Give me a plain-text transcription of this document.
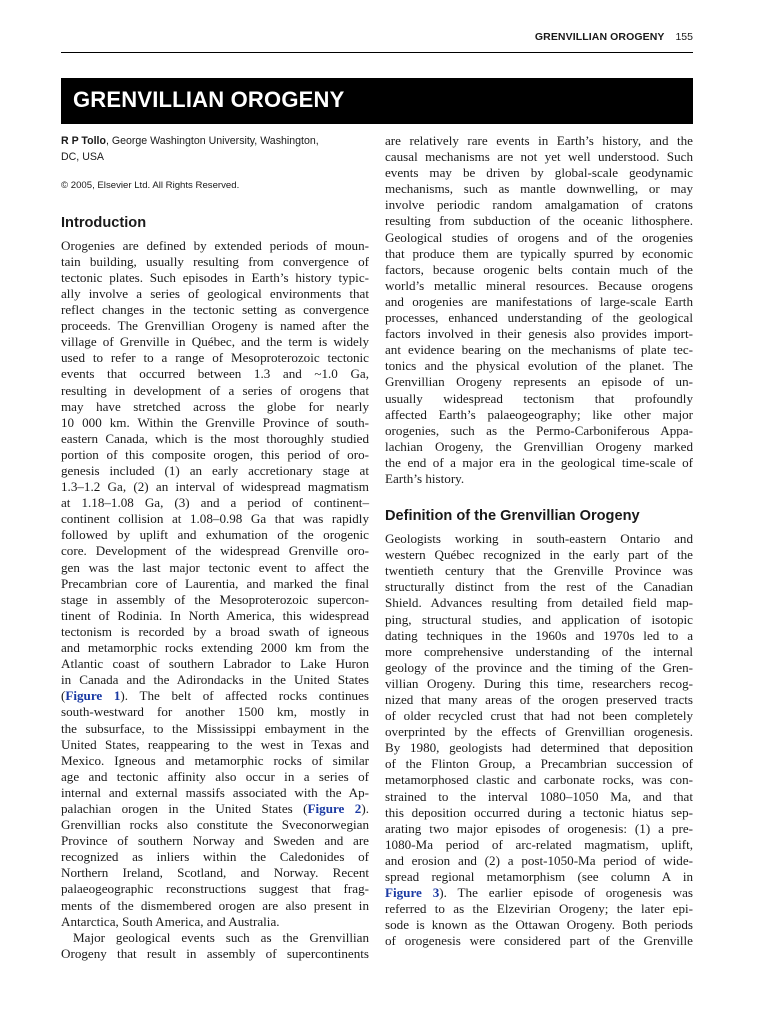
GRENVILLIAN OROGENY 155
GRENVILLIAN OROGENY
R P Tollo, George Washington University, Washington,
DC, USA
© 2005, Elsevier Ltd. All Rights Reserved.
Introduction
Orogenies are defined by extended periods of moun-
tain building, usually resulting from convergence of
tectonic plates. Such episodes in Earth’s history typic-
ally involve a series of geological environments that
reflect changes in the tectonic setting as convergence
proceeds. The Grenvillian Orogeny is named after the
village of Grenville in Québec, and the term is widely
used to refer to a range of Mesoproterozoic tectonic
events that occurred between 1.3 and ~1.0 Ga,
resulting in development of a series of orogens that
may have stretched across the globe for nearly
10 000 km. Within the Grenville Province of south-
eastern Canada, which is the most thoroughly studied
portion of this composite orogen, this period of oro-
genesis included (1) an early accretionary stage at
1.3–1.2 Ga, (2) an interval of widespread magmatism
at 1.18–1.08 Ga, (3) and a period of continent–
continent collision at 1.08–0.98 Ga that was rapidly
followed by uplift and exhumation of the orogenic
core. Development of the widespread Grenville oro-
gen was the last major tectonic event to affect the
Precambrian core of Laurentia, and marked the final
stage in assembly of the Mesoproterozoic supercon-
tinent of Rodinia. In North America, this widespread
tectonism is recorded by a broad swath of igneous
and metamorphic rocks extending 2000 km from the
Atlantic coast of southern Labrador to Lake Huron
in Canada and the Adirondacks in the United States
(Figure 1). The belt of affected rocks continues
south-westward for another 1500 km, mostly in
the subsurface, to the Mississippi embayment in the
United States, reappearing to the west in Texas and
Mexico. Igneous and metamorphic rocks of similar
age and tectonic affinity also occur in a series of
internal and external massifs associated with the Ap-
palachian orogen in the United States (Figure 2).
Grenvillian rocks also constitute the Sveconorwegian
Province of southern Norway and Sweden and are
recognized as inliers within the Caledonides of
Northern Ireland, Scotland, and Norway. Recent
palaeogeographic reconstructions suggest that frag-
ments of the dismembered orogen are also present in
Antarctica, South America, and Australia.
Major geological events such as the Grenvillian
Orogeny that result in assembly of supercontinents
are relatively rare events in Earth’s history, and the
causal mechanisms are not yet well understood. Such
events may be driven by global-scale geodynamic
mechanisms, such as mantle downwelling, or may
involve periodic random amalgamation of cratons
resulting from subduction of the oceanic lithosphere.
Geological studies of orogens and of the orogenies
that produce them are typically spurred by economic
factors, because orogenic belts contain much of the
world’s metallic mineral resources. Because orogens
and orogenies are manifestations of large-scale Earth
processes, enhanced understanding of the geological
factors involved in their genesis also provides import-
ant evidence bearing on the mechanisms of plate tec-
tonics and the physical evolution of the planet. The
Grenvillian Orogeny represents an episode of un-
usually widespread tectonism that profoundly
affected Earth’s palaeogeography; like other major
orogenies, such as the Permo-Carboniferous Appa-
lachian Orogeny, the Grenvillian Orogeny marked
the end of a major era in the geological time-scale of
Earth’s history.
Definition of the Grenvillian Orogeny
Geologists working in south-eastern Ontario and
western Québec recognized in the early part of the
twentieth century that the Grenville Province was
structurally distinct from the rest of the Canadian
Shield. Advances resulting from detailed field map-
ping, structural studies, and application of isotopic
dating techniques in the 1960s and 1970s led to a
more comprehensive understanding of the internal
geology of the province and the timing of the Gren-
villian Orogeny. During this time, researchers recog-
nized that many areas of the orogen preserved tracts
of older recycled crust that had not been completely
overprinted by the effects of Grenvillian orogenesis.
By 1980, geologists had determined that deposition
of the Flinton Group, a Precambrian succession of
metamorphosed clastic and carbonate rocks, was con-
strained to the interval 1080–1050 Ma, and that
this deposition occurred during a tectonic hiatus sep-
arating two major episodes of orogenesis: (1) a pre-
1080-Ma period of arc-related magmatism, uplift,
and erosion and (2) a post-1050-Ma period of wide-
spread regional metamorphism (see column A in
Figure 3). The earlier episode of orogenesis was
referred to as the Elzevirian Orogeny; the later epi-
sode is known as the Ottawan Orogeny. Both periods
of orogenesis were considered part of the Grenville
